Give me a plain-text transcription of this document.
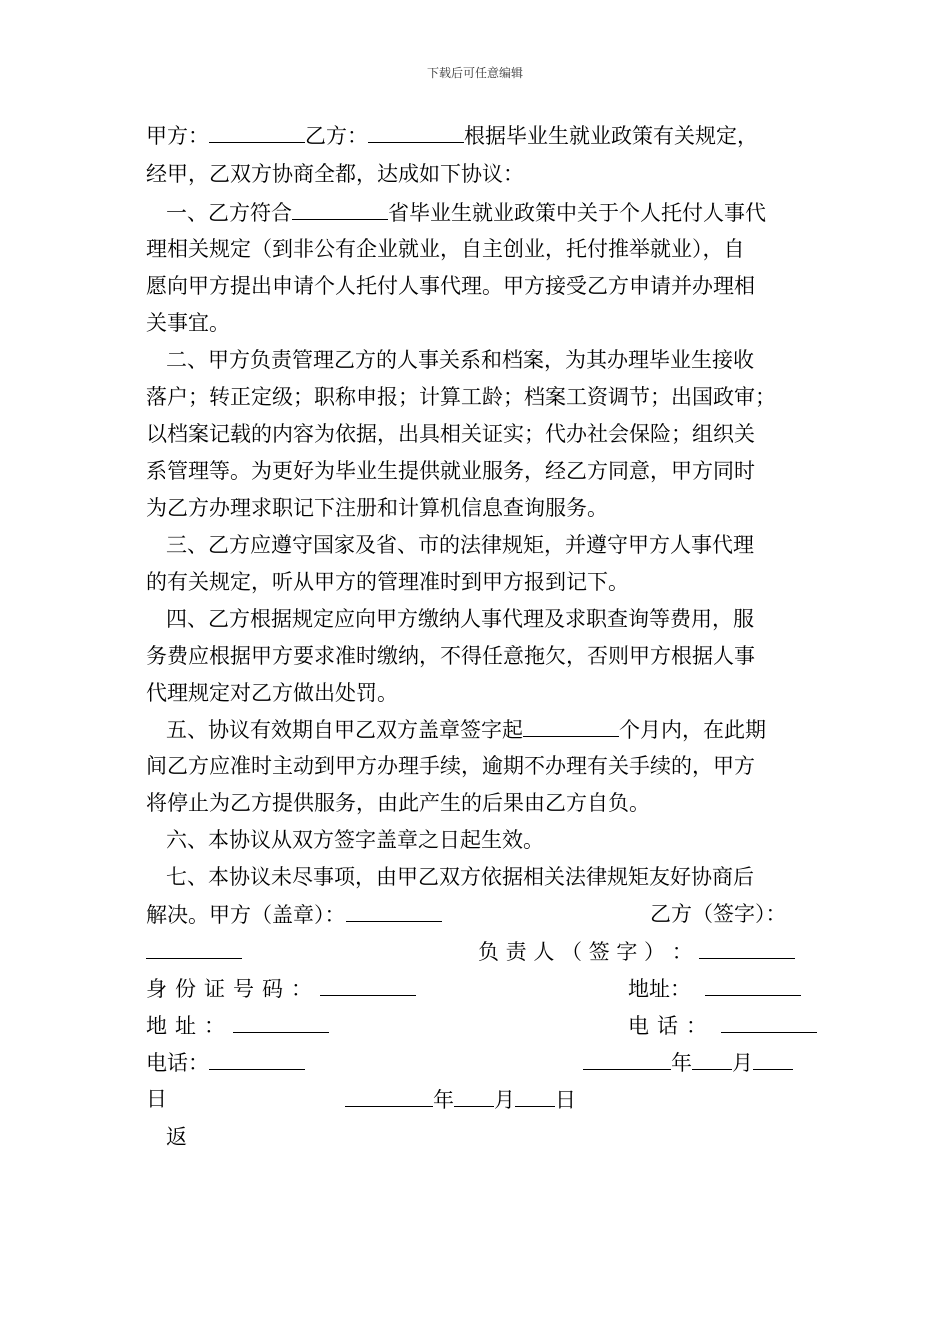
下载后可任意编辑
甲方：	乙方：	根据毕业生就业政策有关规定，
经甲，乙双方协商全都，达成如下协议：
一、乙方符合	省毕业生就业政策中关于个人托付人事代
理相关规定（到非公有企业就业，自主创业，托付推举就业），自
愿向甲方提出申请个人托付人事代理。甲方接受乙方申请并办理相
关事宜。
二、甲方负责管理乙方的人事关系和档案，为其办理毕业生接收
落户；转正定级；职称申报；计算工龄；档案工资调节；出国政审；
以档案记载的内容为依据，出具相关证实；代办社会保险；组织关
系管理等。为更好为毕业生提供就业服务，经乙方同意，甲方同时
为乙方办理求职记下注册和计算机信息查询服务。
三、乙方应遵守国家及省、市的法律规矩，并遵守甲方人事代理
的有关规定，听从甲方的管理准时到甲方报到记下。
四、乙方根据规定应向甲方缴纳人事代理及求职查询等费用，服
务费应根据甲方要求准时缴纳，不得任意拖欠，否则甲方根据人事
代理规定对乙方做出处罚。
五、协议有效期自甲乙双方盖章签字起	个月内，在此期
间乙方应准时主动到甲方办理手续，逾期不办理有关手续的，甲方
将停止为乙方提供服务，由此产生的后果由乙方自负。
六、本协议从双方签字盖章之日起生效。
七、本协议未尽事项，由甲乙双方依据相关法律规矩友好协商后
解决。甲方（盖章）：	乙方（签字）：
负 责 人 （ 签 字 ） ：
身份证号码：	地址：
地址：	电话：
电话：	年 月
日	年 月 日
返
